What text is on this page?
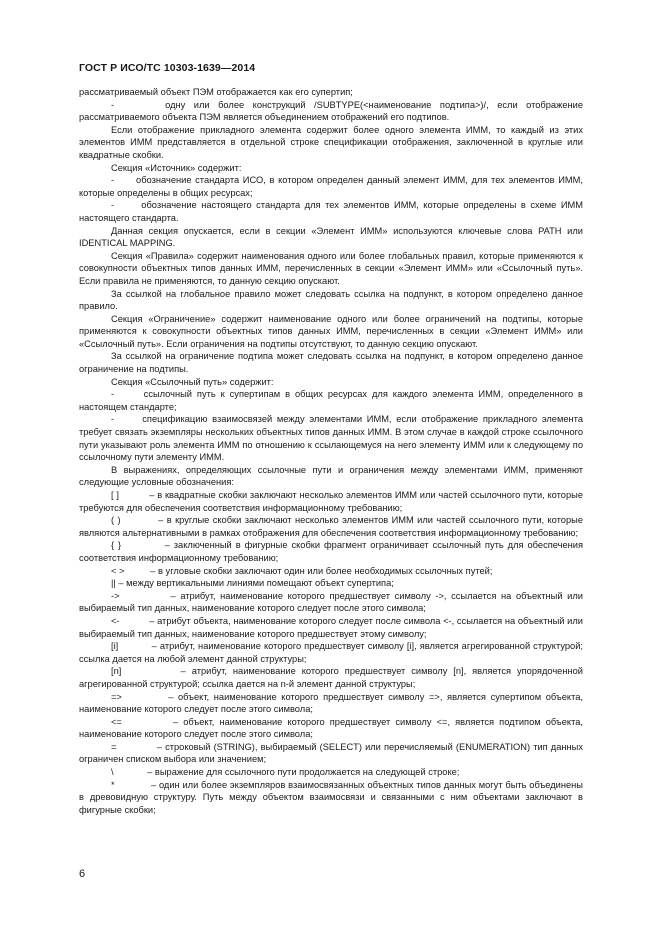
ГОСТ Р ИСО/ТС 10303-1639—2014

рассматриваемый объект ПЭМ отображается как его супертип;

-      одну или более конструкций /SUBTYPE(<наименование подтипа>)/, если отображение рассматриваемого объекта ПЭМ является объединением отображений его подтипов.

Если отображение прикладного элемента содержит более одного элемента ИММ, то каждый из этих элементов ИММ представляется в отдельной строке спецификации отображения, заключенной в круглые или квадратные скобки.

Секция «Источник» содержит:

-      обозначение стандарта ИСО, в котором определен данный элемент ИММ, для тех элементов ИММ, которые определены в общих ресурсах;

-      обозначение настоящего стандарта для тех элементов ИММ, которые определены в схеме ИММ настоящего стандарта.

Данная секция опускается, если в секции «Элемент ИММ» используются ключевые слова PATH или IDENTICAL MAPPING.

Секция «Правила» содержит наименования одного или более глобальных правил, которые применяются к совокупности объектных типов данных ИММ, перечисленных в секции «Элемент ИММ» или «Ссылочный путь». Если правила не применяются, то данную секцию опускают.

За ссылкой на глобальное правило может следовать ссылка на подпункт, в котором определено данное правило.

Секция «Ограничение» содержит наименование одного или более ограничений на подтипы, которые применяются к совокупности объектных типов данных ИММ, перечисленных в секции «Элемент ИММ» или «Ссылочный путь». Если ограничения на подтипы отсутствуют, то данную секцию опускают.

За ссылкой на ограничение подтипа может следовать ссылка на подпункт, в котором определено данное ограничение на подтипы.

Секция «Ссылочный путь» содержит:

-      ссылочный путь к супертипам в общих ресурсах для каждого элемента ИММ, определенного в настоящем стандарте;

-      спецификацию взаимосвязей между элементами ИММ, если отображение прикладного элемента требует связать экземпляры нескольких объектных типов данных ИММ. В этом случае в каждой строке ссылочного пути указывают роль элемента ИММ по отношению к ссылающемуся на него элементу ИММ или к следующему по ссылочному пути элементу ИММ.

В выражениях, определяющих ссылочные пути и ограничения между элементами ИММ, применяют следующие условные обозначения:

[ ]           – в квадратные скобки заключают несколько элементов ИММ или частей ссылочного пути, которые требуются для обеспечения соответствия информационному требованию;

( )           – в круглые скобки заключают несколько элементов ИММ или частей ссылочного пути, которые являются альтернативными в рамках отображения для обеспечения соответствия информационному требованию;

{ }           – заключенный в фигурные скобки фрагмент ограничивает ссылочный путь для обеспечения соответствия информационному требованию;

< >          – в угловые скобки заключают один или более необходимых ссылочных путей;

|| – между вертикальными линиями помещают объект супертипа;

->           – атрибут, наименование которого предшествует символу ->, ссылается на объектный или выбираемый тип данных, наименование которого следует после этого символа;

<-           – атрибут объекта, наименование которого следует после символа <-, ссылается на объектный или выбираемый тип данных, наименование которого предшествует этому символу;

[i]           – атрибут, наименование которого предшествует символу [i], является агрегированной структурой; ссылка дается на любой элемент данной структуры;

[n]          – атрибут, наименование которого предшествует символу [n], является упорядоченной агрегированной структурой; ссылка дается на n-й элемент данной структуры;

=>          – объект, наименование которого предшествует символу =>, является супертипом объекта, наименование которого следует после этого символа;

<=          – объект, наименование которого предшествует символу <=, является подтипом объекта, наименование которого следует после этого символа;

=             – строковый (STRING), выбираемый (SELECT) или перечисляемый (ENUMERATION) тип данных ограничен списком выбора или значением;

\             – выражение для ссылочного пути продолжается на следующей строке;

*             – один или более экземпляров взаимосвязанных объектных типов данных могут быть объединены в древовидную структуру. Путь между объектом взаимосвязи и связанными с ним объектами заключают в фигурные скобки;

6
